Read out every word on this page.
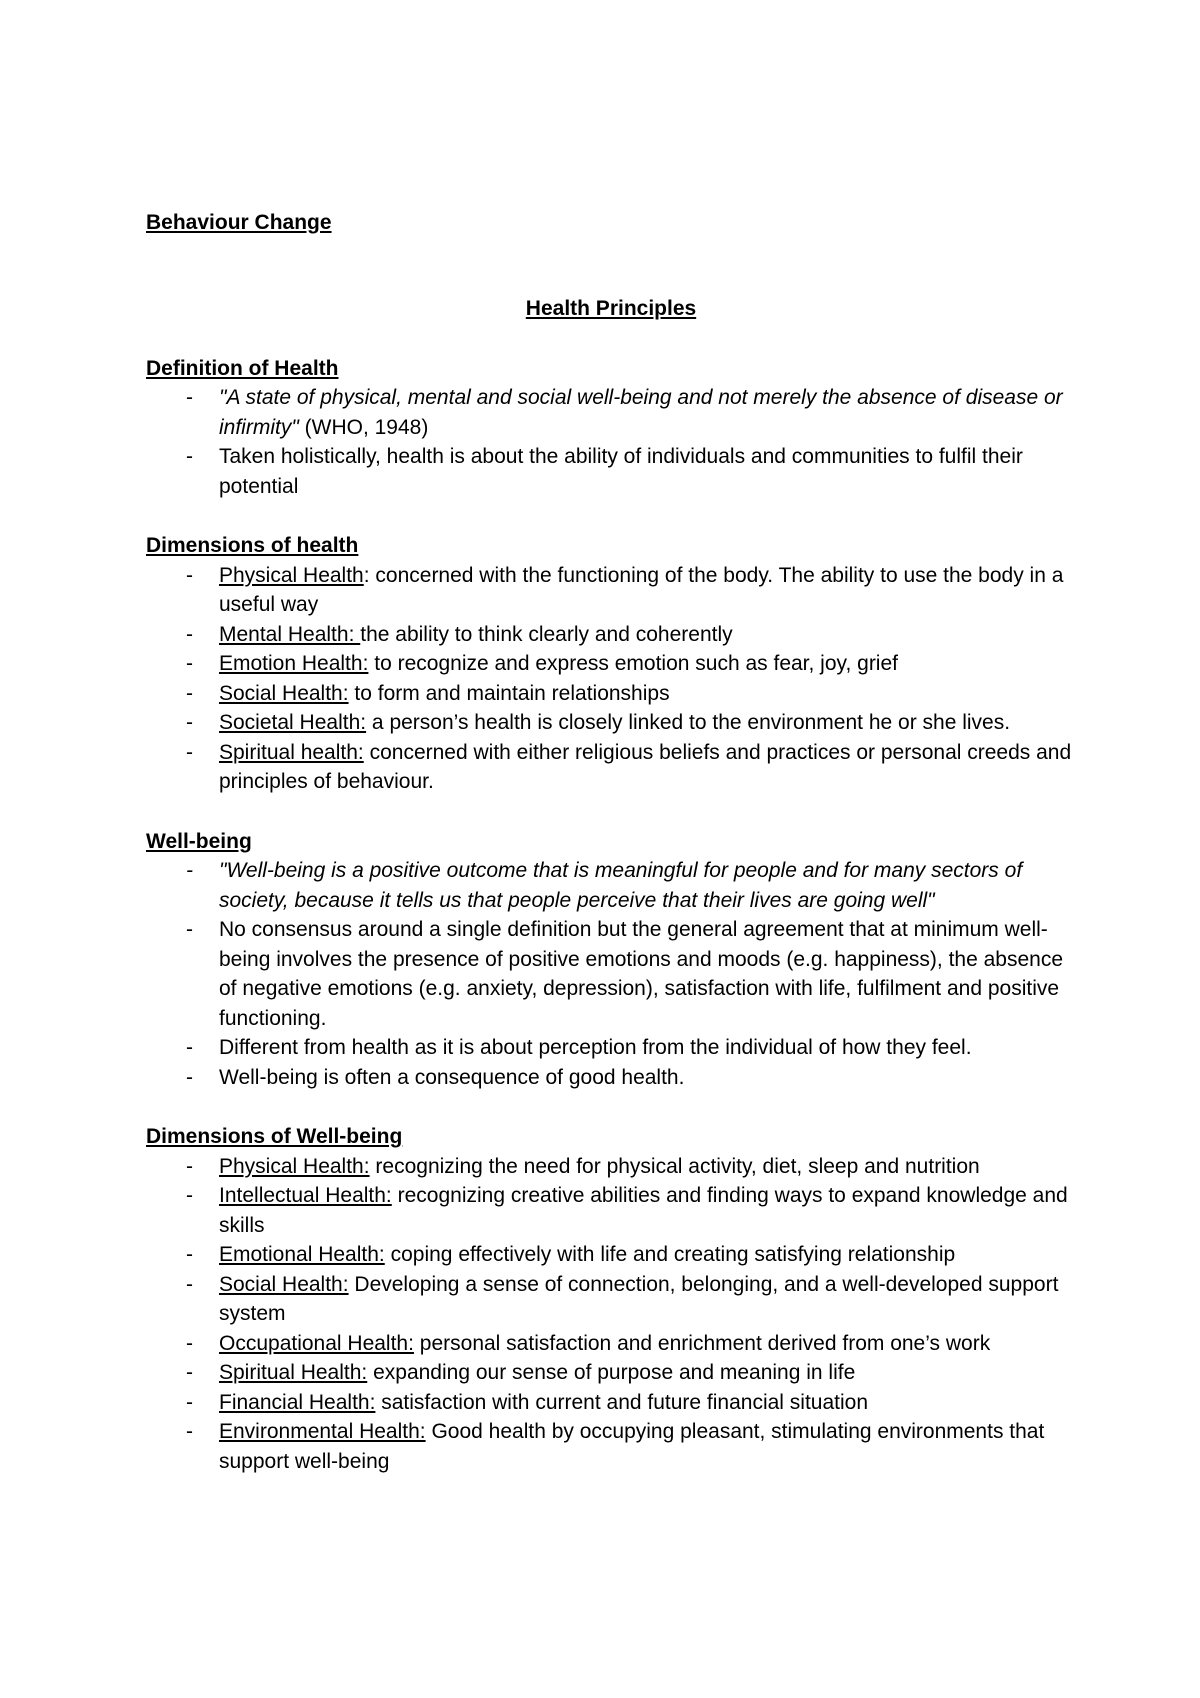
Behaviour Change

Health Principles

Definition of Health

- "A state of physical, mental and social well-being and not merely the absence of disease or infirmity" (WHO, 1948)
- Taken holistically, health is about the ability of individuals and communities to fulfil their potential

Dimensions of health

- Physical Health: concerned with the functioning of the body. The ability to use the body in a useful way
- Mental Health: the ability to think clearly and coherently
- Emotion Health: to recognize and express emotion such as fear, joy, grief
- Social Health: to form and maintain relationships
- Societal Health: a person’s health is closely linked to the environment he or she lives.
- Spiritual health: concerned with either religious beliefs and practices or personal creeds and principles of behaviour.

Well-being

- "Well-being is a positive outcome that is meaningful for people and for many sectors of society, because it tells us that people perceive that their lives are going well"
- No consensus around a single definition but the general agreement that at minimum well-being involves the presence of positive emotions and moods (e.g. happiness), the absence of negative emotions (e.g. anxiety, depression), satisfaction with life, fulfilment and positive functioning.
- Different from health as it is about perception from the individual of how they feel.
- Well-being is often a consequence of good health.

Dimensions of Well-being

- Physical Health: recognizing the need for physical activity, diet, sleep and nutrition
- Intellectual Health: recognizing creative abilities and finding ways to expand knowledge and skills
- Emotional Health: coping effectively with life and creating satisfying relationship
- Social Health: Developing a sense of connection, belonging, and a well-developed support system
- Occupational Health: personal satisfaction and enrichment derived from one’s work
- Spiritual Health: expanding our sense of purpose and meaning in life
- Financial Health: satisfaction with current and future financial situation
- Environmental Health: Good health by occupying pleasant, stimulating environments that support well-being
